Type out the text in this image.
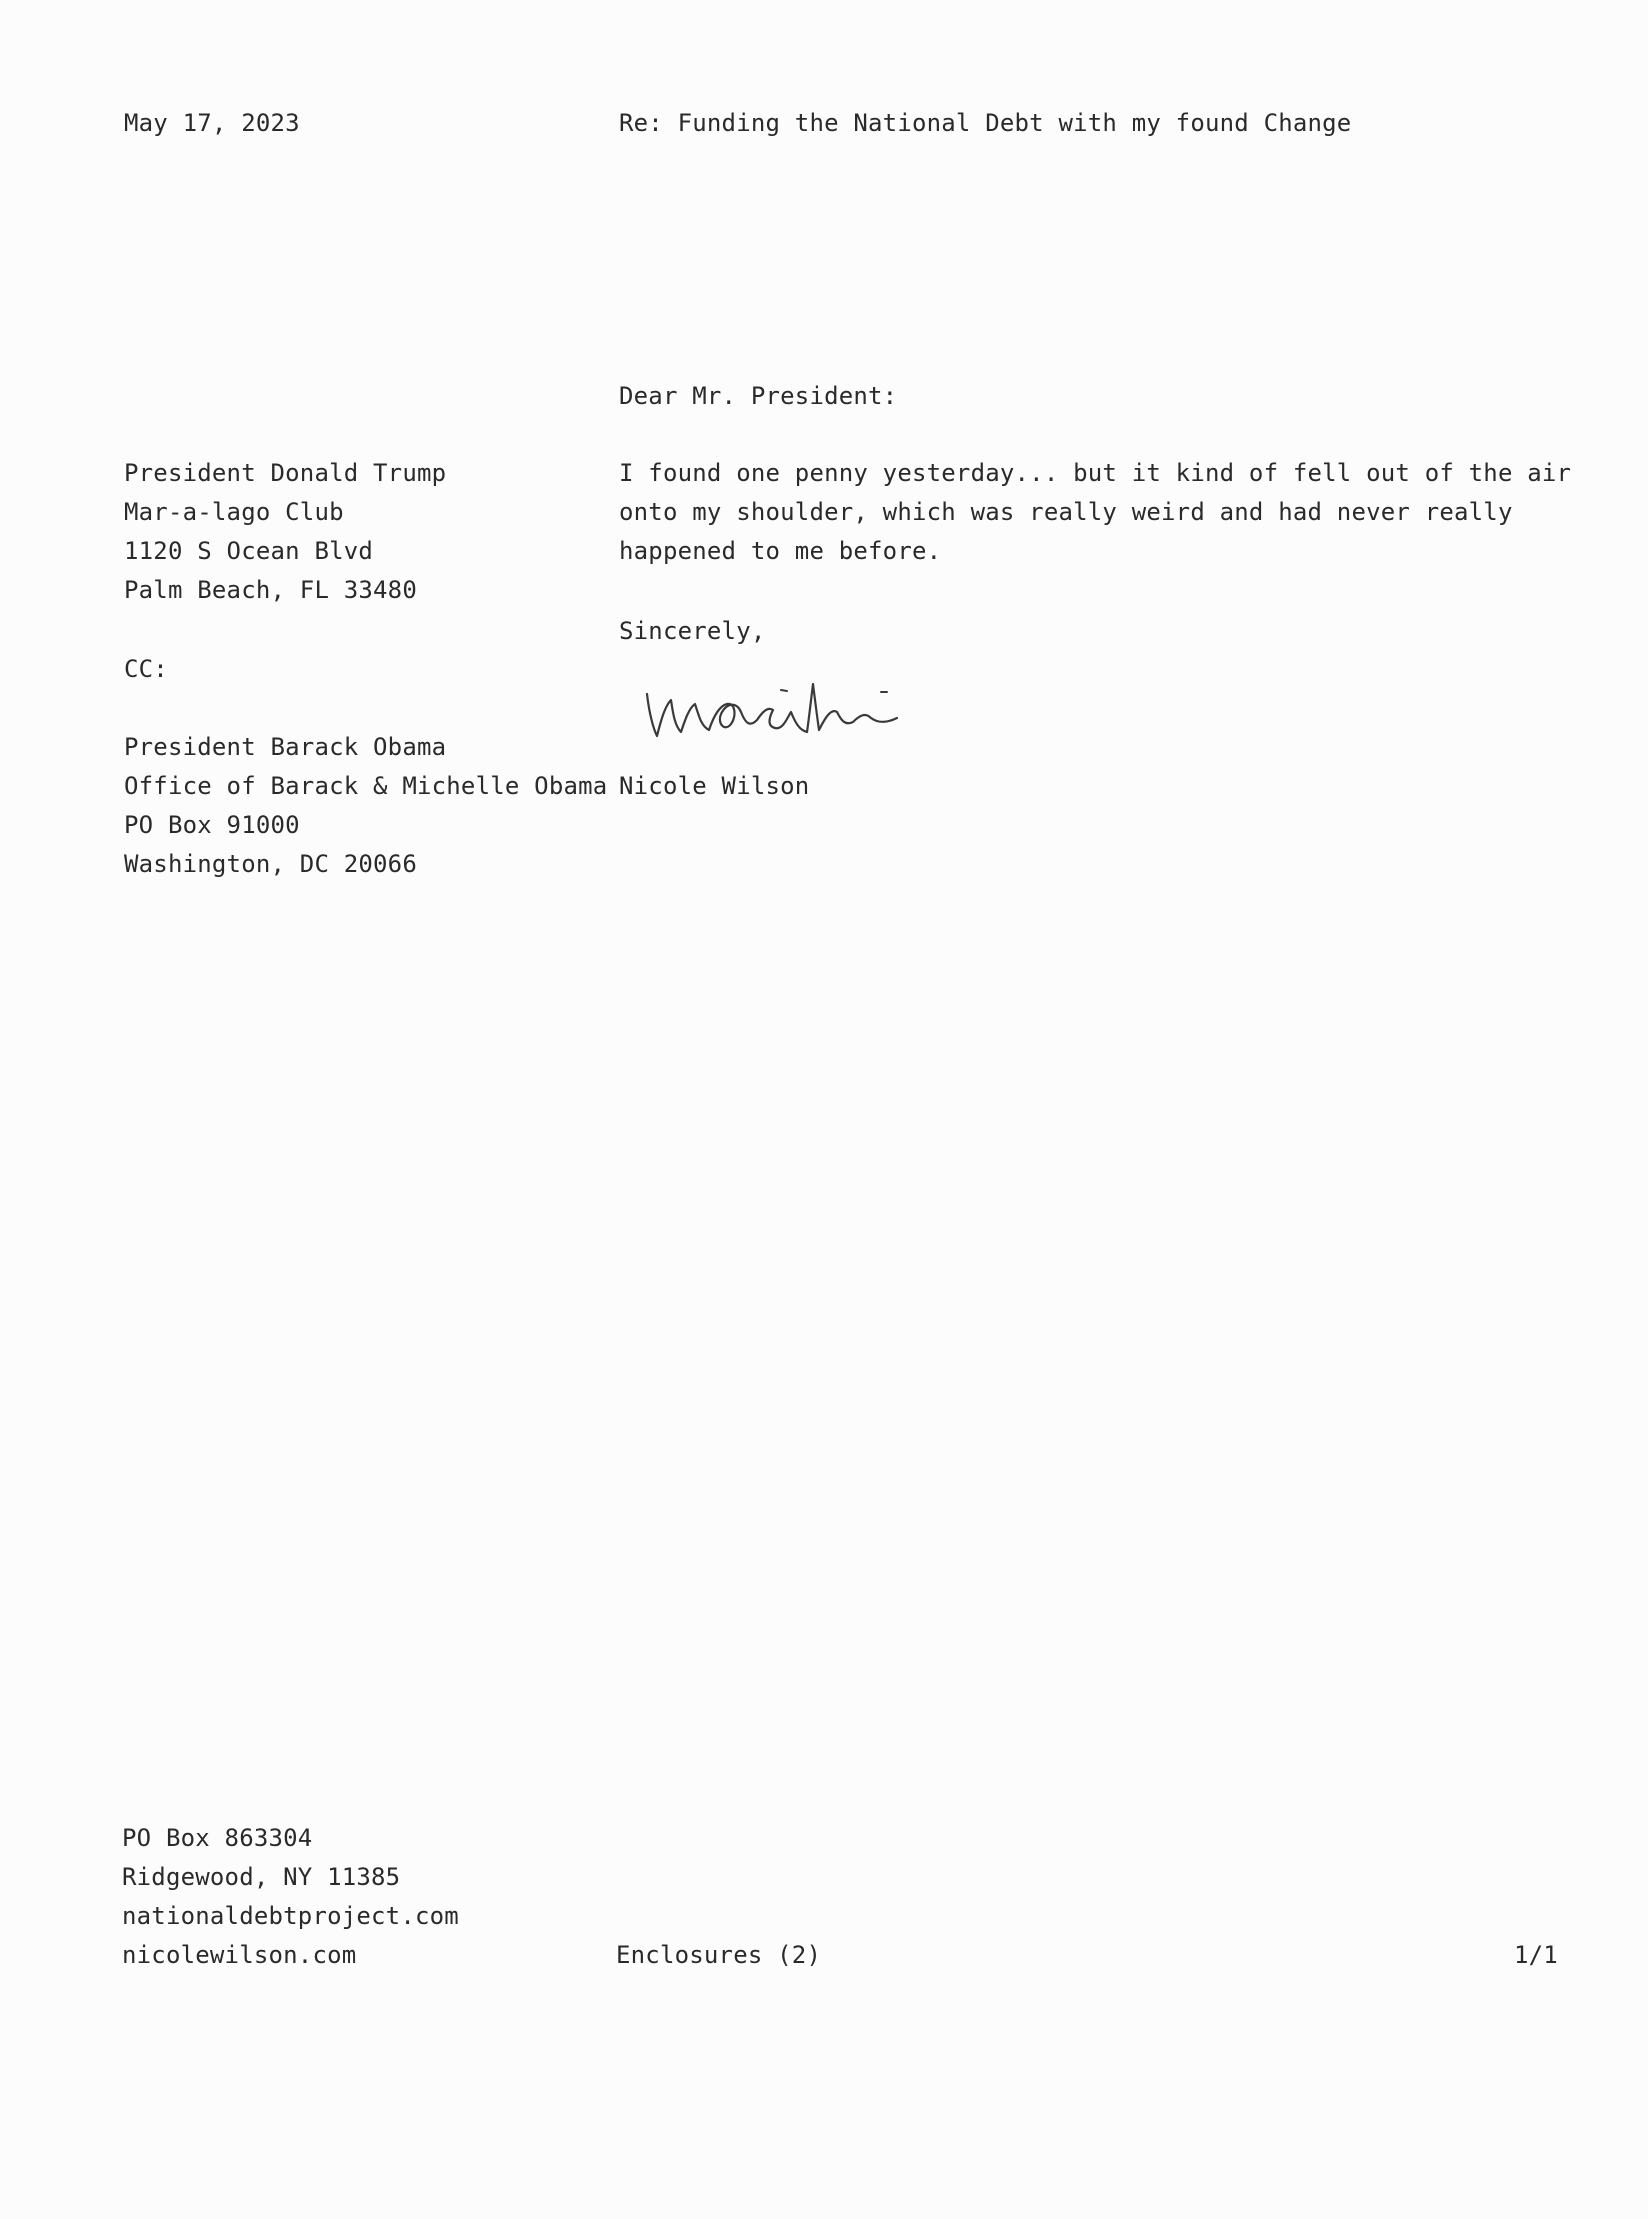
May 17, 2023	Re: Funding the National Debt with my found Change
Dear Mr. President:
President Donald Trump
Mar-a-lago Club
1120 S Ocean Blvd
Palm Beach, FL 33480
I found one penny yesterday... but it kind of fell out of the air
onto my shoulder, which was really weird and had never really
happened to me before.
Sincerely,
CC:
President Barack Obama
Office of Barack & Michelle Obama
PO Box 91000
Washington, DC 20066
Nicole Wilson
PO Box 863304
Ridgewood, NY 11385
nationaldebtproject.com
nicolewilson.com	Enclosures (2)	1/1
